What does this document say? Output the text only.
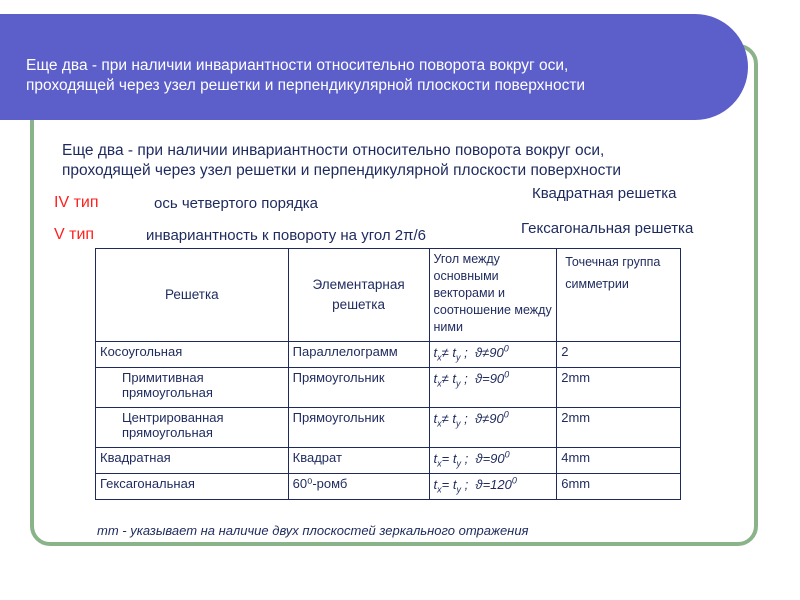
Еще два - при наличии инвариантности относительно поворота вокруг оси,
проходящей через узел решетки и перпендикулярной плоскости поверхности
Еще два - при наличии инвариантности относительно поворота вокруг оси,
проходящей через узел решетки и перпендикулярной плоскости поверхности
Квадратная решетка
IV тип	ось четвертого порядка
Гексагональная решетка
V тип	инвариантность к повороту на угол 2π/6
Решетка	Элементарная решетка	Угол между основными векторами и соотношение между ними	Точечная группа симметрии
Косоугольная	Параллелограмм	$t_x\ne t_y$ ;  $ϑ\ne 90^0$	2

Примитивная прямоугольная	Прямоугольник	$t_x\ne t_y$ ;  $ϑ=90^0$	2mm

Центрированная прямоугольная	Прямоугольник	$t_x\ne t_y$ ;  $ϑ\ne 90^0$	2mm
Квадратная	Квадрат	$t_x= t_y$ ;  $ϑ=90^0$	4mm
Гексагональная	60⁰-ромб	$t_x= t_y$ ;  $ϑ=120^0$	6mm
mm - указывает на наличие двух плоскостей зеркального отражения
